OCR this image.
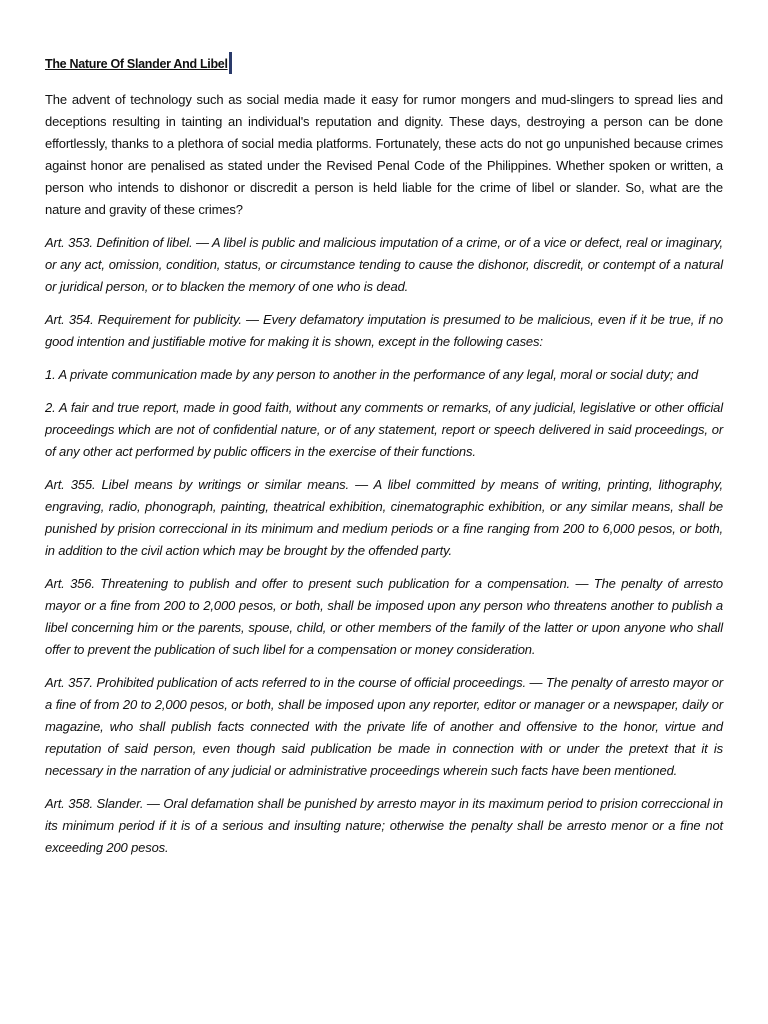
The Nature Of Slander And Libel

The advent of technology such as social media made it easy for rumor mongers and mud-slingers to spread lies and deceptions resulting in tainting an individual's reputation and dignity. These days, destroying a person can be done effortlessly, thanks to a plethora of social media platforms. Fortunately, these acts do not go unpunished because crimes against honor are penalised as stated under the Revised Penal Code of the Philippines. Whether spoken or written, a person who intends to dishonor or discredit a person is held liable for the crime of libel or slander. So, what are the nature and gravity of these crimes?

Art. 353. Definition of libel. — A libel is public and malicious imputation of a crime, or of a vice or defect, real or imaginary, or any act, omission, condition, status, or circumstance tending to cause the dishonor, discredit, or contempt of a natural or juridical person, or to blacken the memory of one who is dead.

Art. 354. Requirement for publicity. — Every defamatory imputation is presumed to be malicious, even if it be true, if no good intention and justifiable motive for making it is shown, except in the following cases:

1. A private communication made by any person to another in the performance of any legal, moral or social duty; and

2. A fair and true report, made in good faith, without any comments or remarks, of any judicial, legislative or other official proceedings which are not of confidential nature, or of any statement, report or speech delivered in said proceedings, or of any other act performed by public officers in the exercise of their functions.

Art. 355. Libel means by writings or similar means. — A libel committed by means of writing, printing, lithography, engraving, radio, phonograph, painting, theatrical exhibition, cinematographic exhibition, or any similar means, shall be punished by prision correccional in its minimum and medium periods or a fine ranging from 200 to 6,000 pesos, or both, in addition to the civil action which may be brought by the offended party.

Art. 356. Threatening to publish and offer to present such publication for a compensation. — The penalty of arresto mayor or a fine from 200 to 2,000 pesos, or both, shall be imposed upon any person who threatens another to publish a libel concerning him or the parents, spouse, child, or other members of the family of the latter or upon anyone who shall offer to prevent the publication of such libel for a compensation or money consideration.

Art. 357. Prohibited publication of acts referred to in the course of official proceedings. — The penalty of arresto mayor or a fine of from 20 to 2,000 pesos, or both, shall be imposed upon any reporter, editor or manager or a newspaper, daily or magazine, who shall publish facts connected with the private life of another and offensive to the honor, virtue and reputation of said person, even though said publication be made in connection with or under the pretext that it is necessary in the narration of any judicial or administrative proceedings wherein such facts have been mentioned.

Art. 358. Slander. — Oral defamation shall be punished by arresto mayor in its maximum period to prision correccional in its minimum period if it is of a serious and insulting nature; otherwise the penalty shall be arresto menor or a fine not exceeding 200 pesos.
